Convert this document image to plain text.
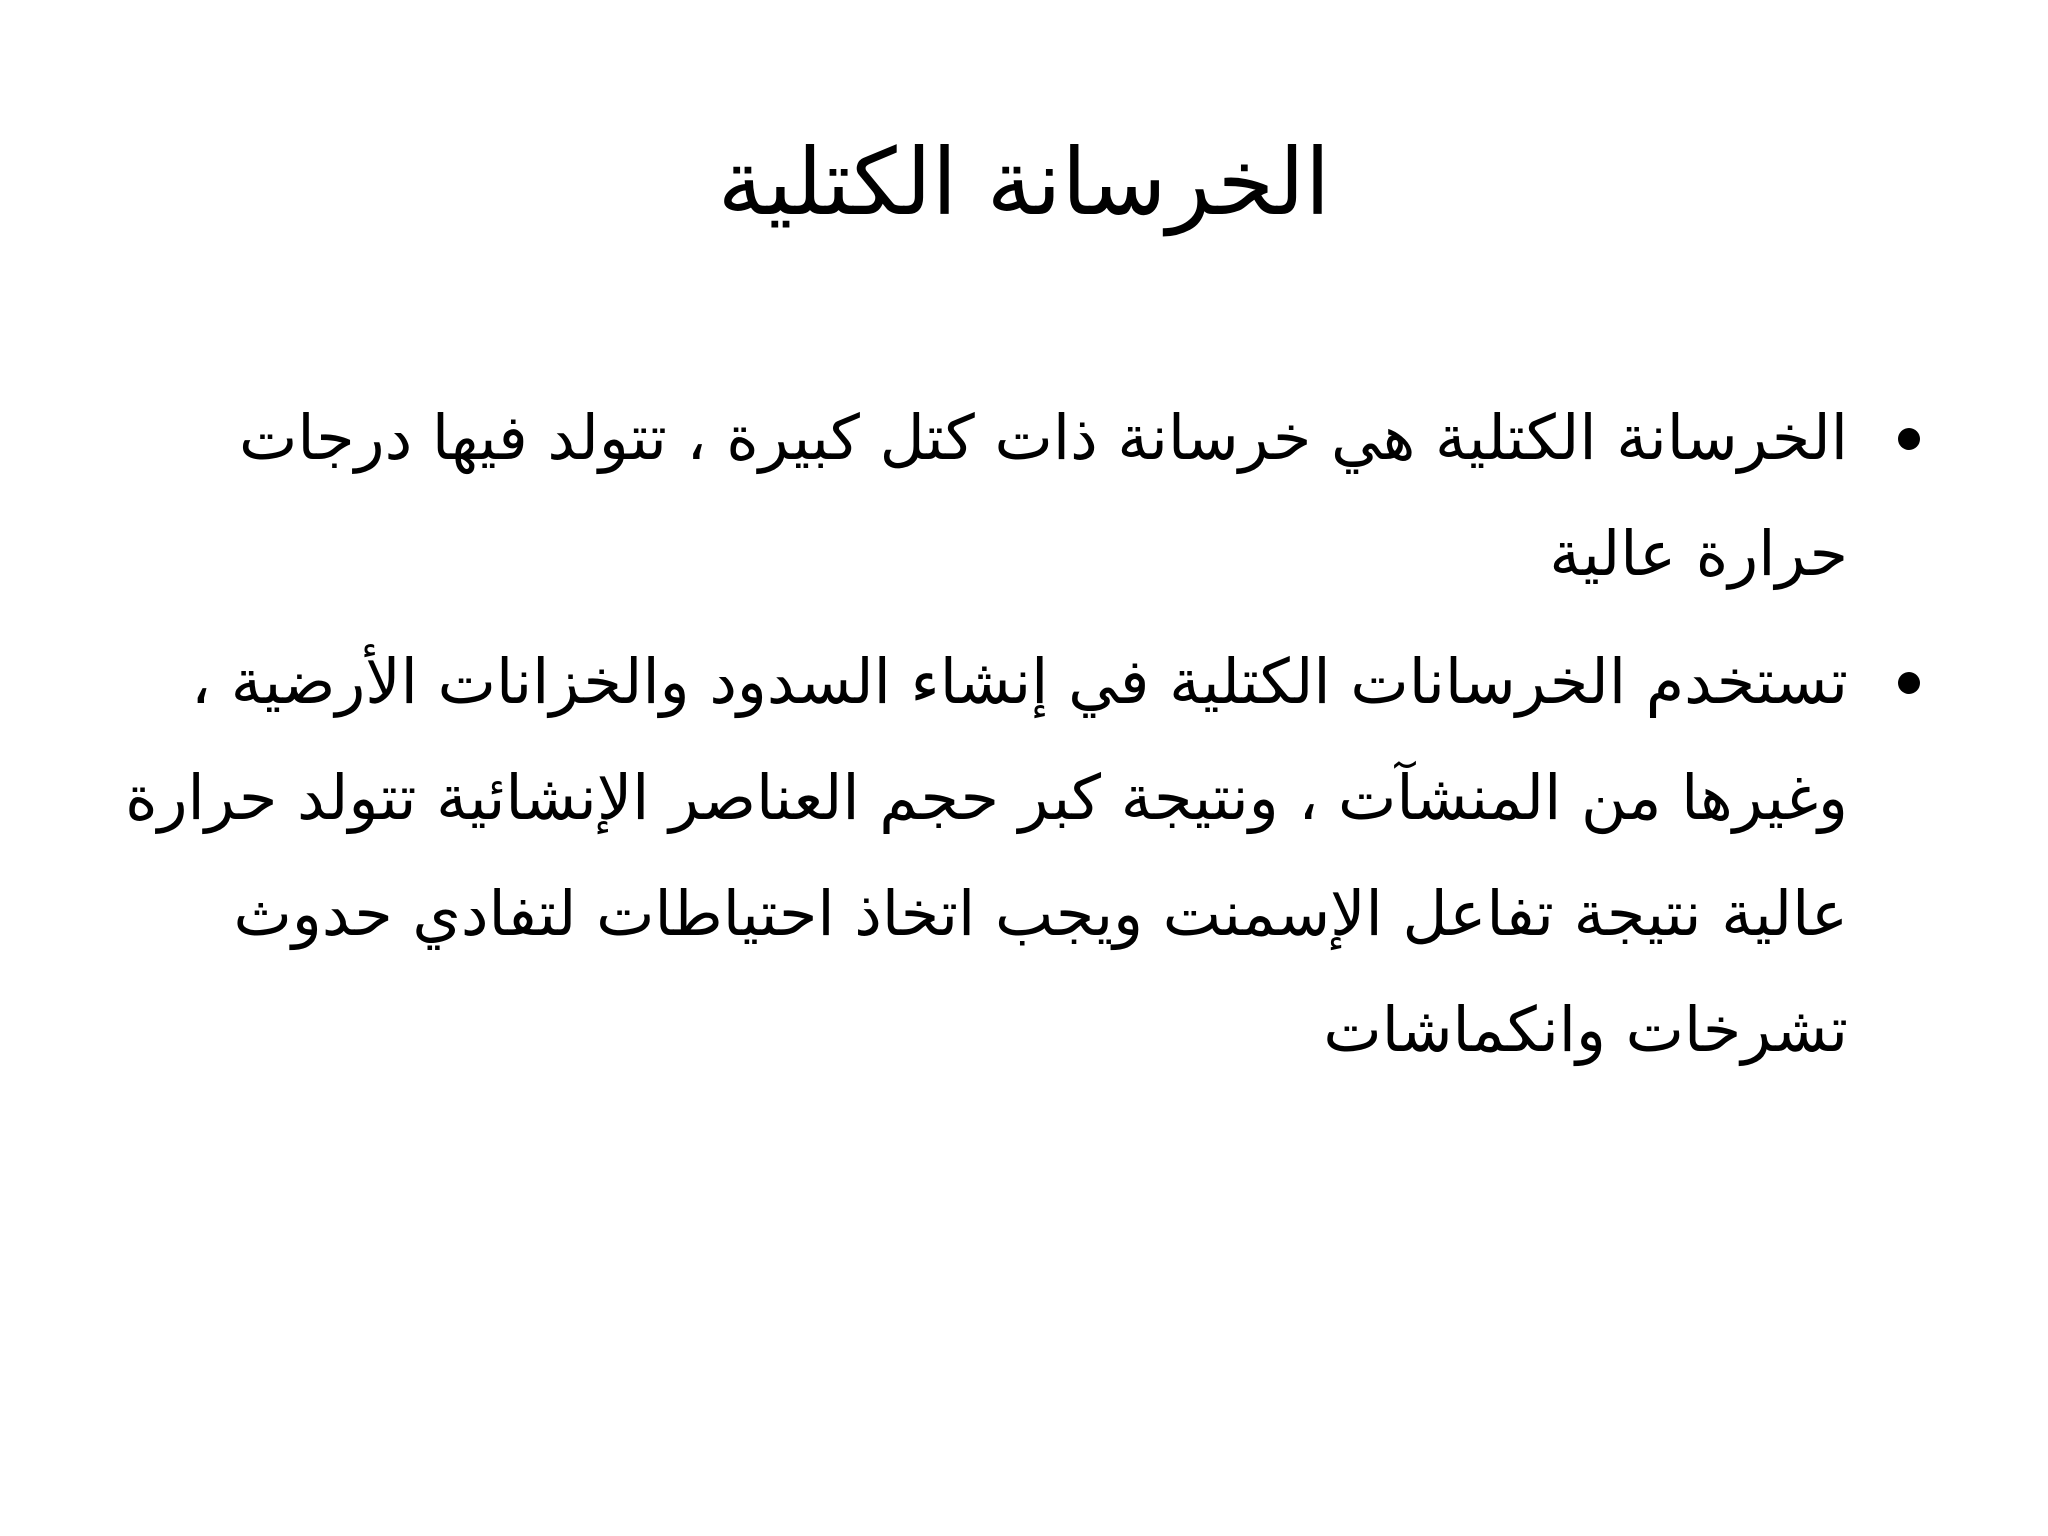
الخرسانة الكتلية
الخرسانة الكتلية هي خرسانة ذات كتل كبيرة ، تتولد فيها درجات حرارة عالية
تستخدم الخرسانات الكتلية في إنشاء السدود والخزانات الأرضية ، وغيرها من المنشآت ، ونتيجة كبر حجم العناصر الإنشائية تتولد حرارة عالية نتيجة تفاعل الإسمنت ويجب اتخاذ احتياطات لتفادي حدوث تشرخات وانكماشات
